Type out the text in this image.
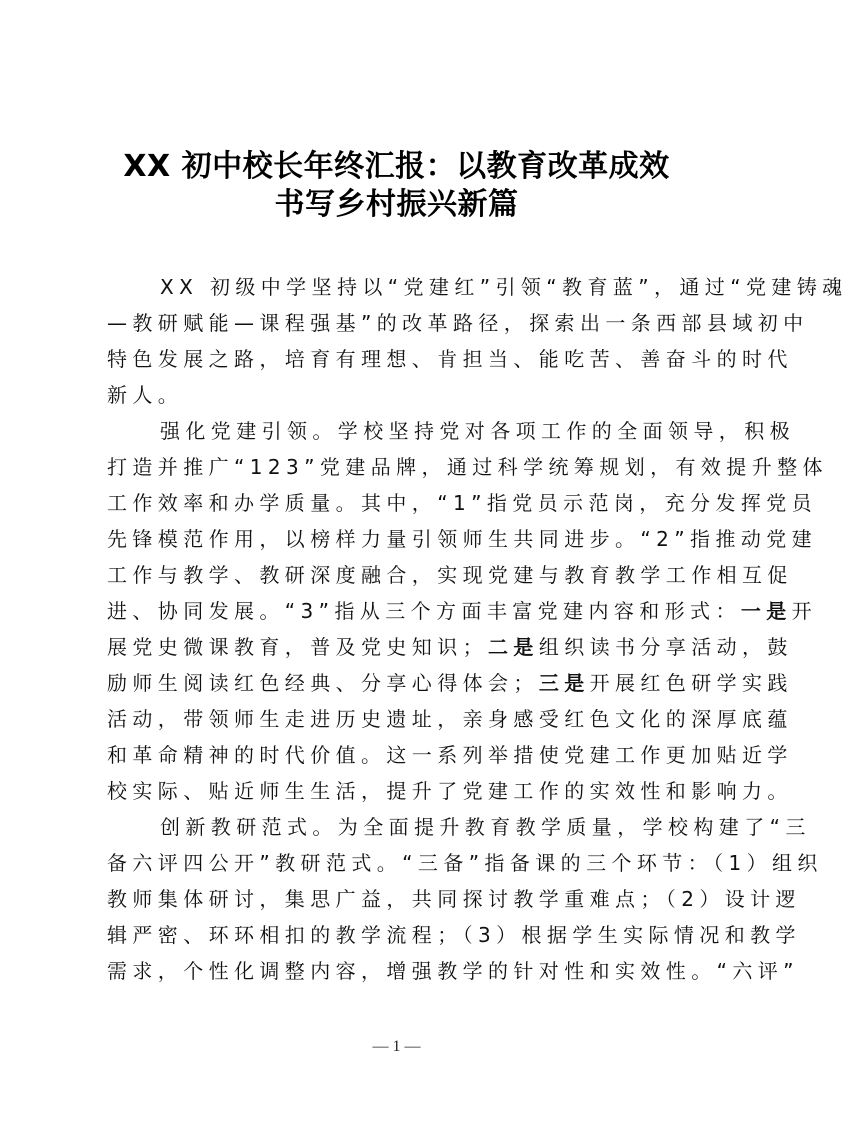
XX 初中校长年终汇报：以教育改革成效
书写乡村振兴新篇
XX 初级中学坚持以“党建红”引领“教育蓝”，通过“党建铸魂
—教研赋能—课程强基”的改革路径，探索出一条西部县域初中
特色发展之路，培育有理想、肯担当、能吃苦、善奋斗的时代
新人。
强化党建引领。学校坚持党对各项工作的全面领导，积极
打造并推广“123”党建品牌，通过科学统筹规划，有效提升整体
工作效率和办学质量。其中，“1”指党员示范岗，充分发挥党员
先锋模范作用，以榜样力量引领师生共同进步。“2”指推动党建
工作与教学、教研深度融合，实现党建与教育教学工作相互促
进、协同发展。“3”指从三个方面丰富党建内容和形式：一是开
展党史微课教育，普及党史知识；二是组织读书分享活动，鼓
励师生阅读红色经典、分享心得体会；三是开展红色研学实践
活动，带领师生走进历史遗址，亲身感受红色文化的深厚底蕴
和革命精神的时代价值。这一系列举措使党建工作更加贴近学
校实际、贴近师生生活，提升了党建工作的实效性和影响力。
创新教研范式。为全面提升教育教学质量，学校构建了“三
备六评四公开”教研范式。“三备”指备课的三个环节：（1）组织
教师集体研讨，集思广益，共同探讨教学重难点；（2）设计逻
辑严密、环环相扣的教学流程；（3）根据学生实际情况和教学
需求，个性化调整内容，增强教学的针对性和实效性。“六评”
— 1 —
